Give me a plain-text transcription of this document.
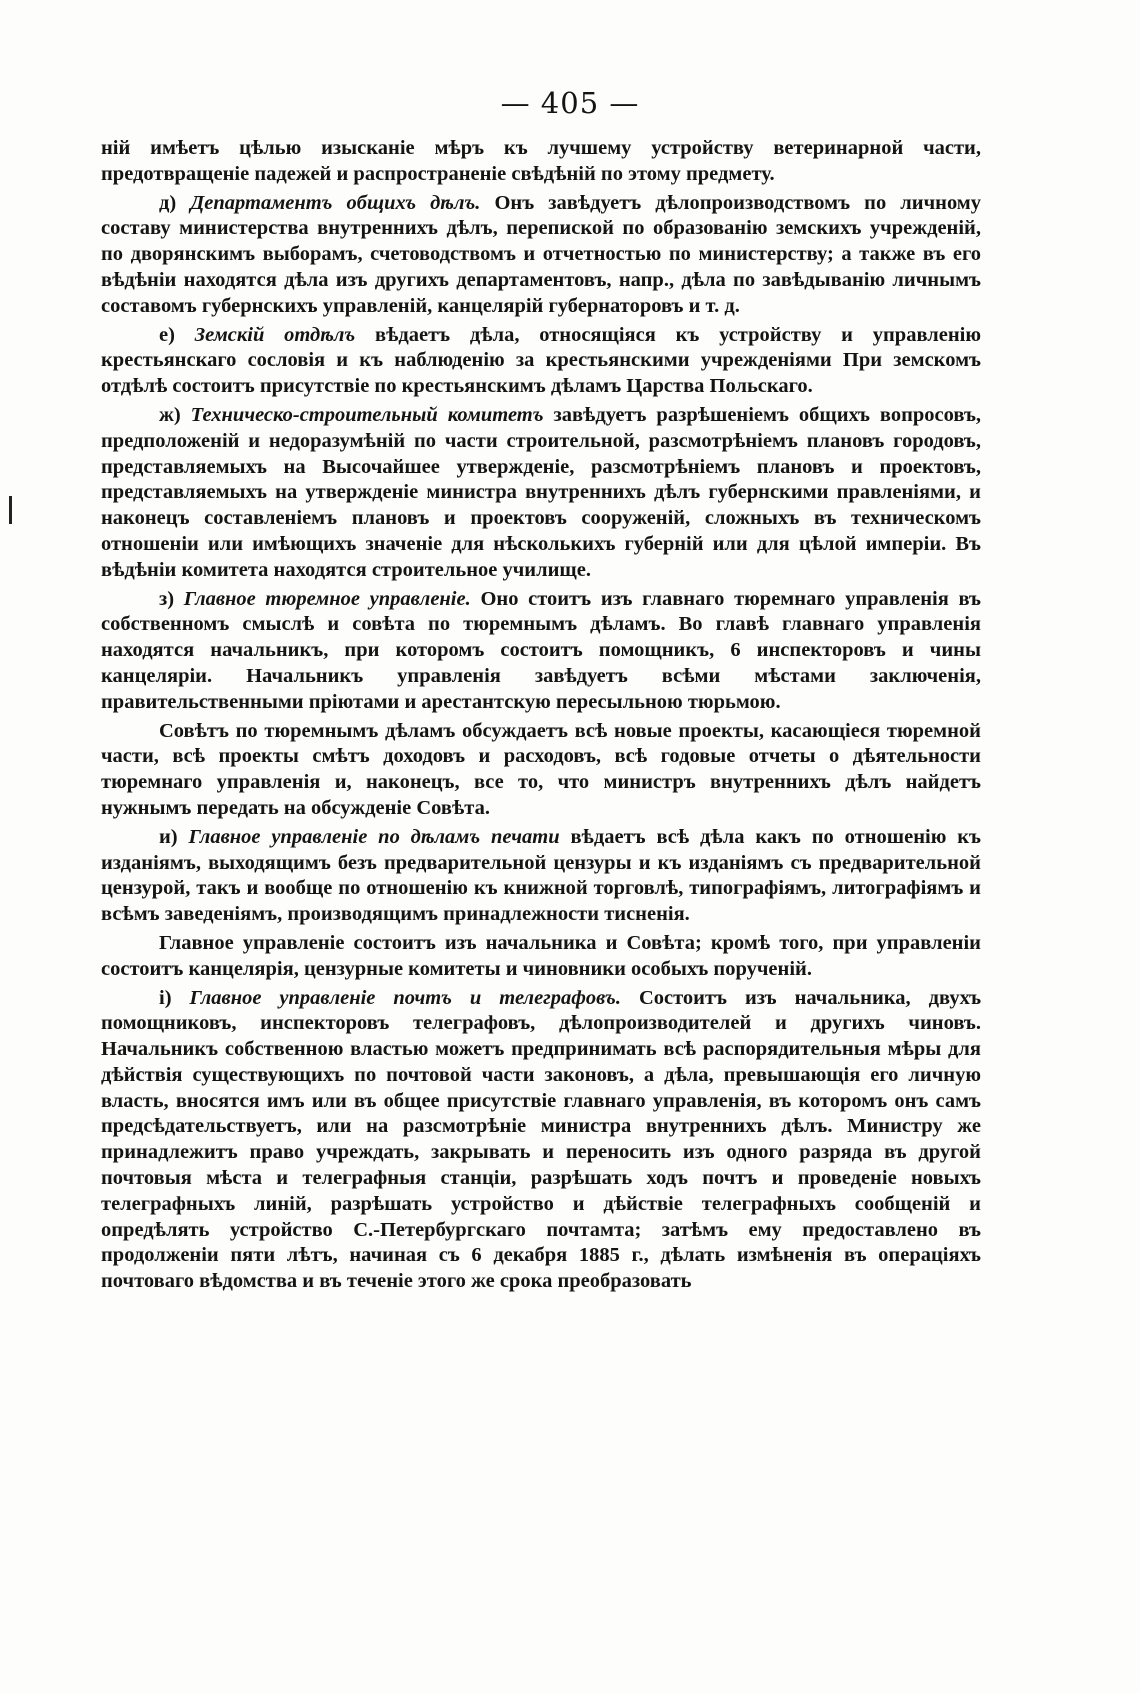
— 405 —

ній имѣетъ цѣлью изысканіе мѣръ къ лучшему устройству ветеринарной части, предотвращеніе падежей и распространеніе свѣдѣній по этому предмету.

д) Департаментъ общихъ дѣлъ. Онъ завѣдуетъ дѣлопроизводствомъ по личному составу министерства внутреннихъ дѣлъ, перепиской по образованію земскихъ учрежденій, по дворянскимъ выборамъ, счетоводствомъ и отчетностью по министерству; а также въ его вѣдѣніи находятся дѣла изъ другихъ департаментовъ, напр., дѣла по завѣдыванію личнымъ составомъ губернскихъ управленій, канцелярій губернаторовъ и т. д.

е) Земскій отдѣлъ вѣдаетъ дѣла, относящіяся къ устройству и управленію крестьянскаго сословія и къ наблюденію за крестьянскими учрежденіями При земскомъ отдѣлѣ состоитъ присутствіе по крестьянскимъ дѣламъ Царства Польскаго.

ж) Техническо-строительный комитетъ завѣдуетъ разрѣшеніемъ общихъ вопросовъ, предположеній и недоразумѣній по части строительной, разсмотрѣніемъ плановъ городовъ, представляемыхъ на Высочайшее утвержденіе, разсмотрѣніемъ плановъ и проектовъ, представляемыхъ на утвержденіе министра внутреннихъ дѣлъ губернскими правленіями, и наконецъ составленіемъ плановъ и проектовъ сооруженій, сложныхъ въ техническомъ отношеніи или имѣющихъ значеніе для нѣсколькихъ губерній или для цѣлой имперіи. Въ вѣдѣніи комитета находятся строительное училище.

з) Главное тюремное управленіе. Оно стоитъ изъ главнаго тюремнаго управленія въ собственномъ смыслѣ и совѣта по тюремнымъ дѣламъ. Во главѣ главнаго управленія находятся начальникъ, при которомъ состоитъ помощникъ, 6 инспекторовъ и чины канцеляріи. Начальникъ управленія завѣдуетъ всѣми мѣстами заключенія, правительственными пріютами и арестантскую пересыльною тюрьмою.

Совѣтъ по тюремнымъ дѣламъ обсуждаетъ всѣ новые проекты, касающіеся тюремной части, всѣ проекты смѣтъ доходовъ и расходовъ, всѣ годовые отчеты о дѣятельности тюремнаго управленія и, наконецъ, все то, что министръ внутреннихъ дѣлъ найдетъ нужнымъ передать на обсужденіе Совѣта.

и) Главное управленіе по дѣламъ печати вѣдаетъ всѣ дѣла какъ по отношенію къ изданіямъ, выходящимъ безъ предварительной цензуры и къ изданіямъ съ предварительной цензурой, такъ и вообще по отношенію къ книжной торговлѣ, типографіямъ, литографіямъ и всѣмъ заведеніямъ, производящимъ принадлежности тисненія.

Главное управленіе состоитъ изъ начальника и Совѣта; кромѣ того, при управленіи состоитъ канцелярія, цензурные комитеты и чиновники особыхъ порученій.

і) Главное управленіе почтъ и телеграфовъ. Состоитъ изъ начальника, двухъ помощниковъ, инспекторовъ телеграфовъ, дѣлопроизводителей и другихъ чиновъ. Начальникъ собственною властью можетъ предпринимать всѣ распорядительныя мѣры для дѣйствія существующихъ по почтовой части законовъ, а дѣла, превышающія его личную власть, вносятся имъ или въ общее присутствіе главнаго управленія, въ которомъ онъ самъ предсѣдательствуетъ, или на разсмотрѣніе министра внутреннихъ дѣлъ. Министру же принадлежитъ право учреждать, закрывать и переносить изъ одного разряда въ другой почтовыя мѣста и телеграфныя станціи, разрѣшать ходъ почтъ и проведеніе новыхъ телеграфныхъ линій, разрѣшать устройство и дѣйствіе телеграфныхъ сообщеній и опредѣлять устройство С.-Петербургскаго почтамта; затѣмъ ему предоставлено въ продолженіи пяти лѣтъ, начиная съ 6 декабря 1885 г., дѣлать измѣненія въ операціяхъ почтоваго вѣдомства и въ теченіе этого же срока преобразовать
